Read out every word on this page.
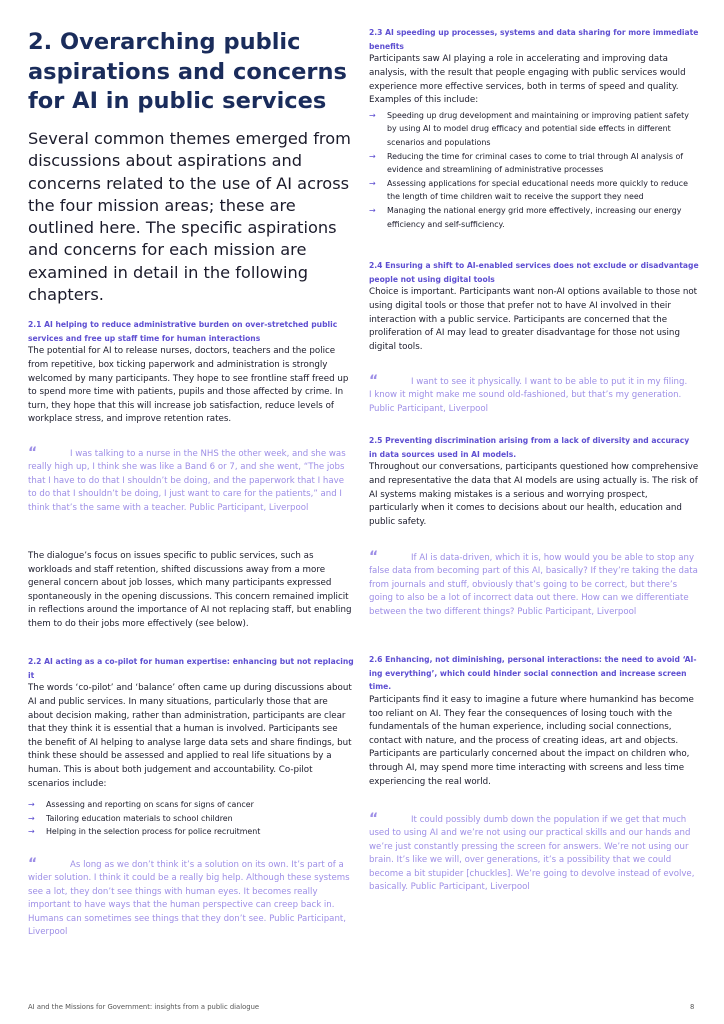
2. Overarching public aspirations and concerns for AI in public services

Several common themes emerged from discussions about aspirations and concerns related to the use of AI across the four mission areas; these are outlined here. The specific aspirations and concerns for each mission are examined in detail in the following chapters.

2.1 AI helping to reduce administrative burden on over-stretched public services and free up staff time for human interactions

The potential for AI to release nurses, doctors, teachers and the police from repetitive, box ticking paperwork and administration is strongly welcomed by many participants. They hope to see frontline staff freed up to spend more time with patients, pupils and those affected by crime. In turn, they hope that this will increase job satisfaction, reduce levels of workplace stress, and improve retention rates.

“	I was talking to a nurse in the NHS the other week, and she was really high up, I think she was like a Band 6 or 7, and she went, “The jobs that I have to do that I shouldn’t be doing, and the paperwork that I have to do that I shouldn’t be doing, I just want to care for the patients,” and I think that’s the same with a teacher. Public Participant, Liverpool

The dialogue’s focus on issues specific to public services, such as workloads and staff retention, shifted discussions away from a more general concern about job losses, which many participants expressed spontaneously in the opening discussions. This concern remained implicit in reflections around the importance of AI not replacing staff, but enabling them to do their jobs more effectively (see below).

2.2 AI acting as a co-pilot for human expertise: enhancing but not replacing it

The words ‘co-pilot’ and ‘balance’ often came up during discussions about AI and public services. In many situations, particularly those that are about decision making, rather than administration, participants are clear that they think it is essential that a human is involved. Participants see the benefit of AI helping to analyse large data sets and share findings, but think these should be assessed and applied to real life situations by a human. This is about both judgement and accountability. Co-pilot scenarios include:

→ Assessing and reporting on scans for signs of cancer
→ Tailoring education materials to school children
→ Helping in the selection process for police recruitment

“	As long as we don’t think it’s a solution on its own. It’s part of a wider solution. I think it could be a really big help. Although these systems see a lot, they don’t see things with human eyes. It becomes really important to have ways that the human perspective can creep back in. Humans can sometimes see things that they don’t see. Public Participant, Liverpool

2.3 AI speeding up processes, systems and data sharing for more immediate benefits

Participants saw AI playing a role in accelerating and improving data analysis, with the result that people engaging with public services would experience more effective services, both in terms of speed and quality. Examples of this include:

→ Speeding up drug development and maintaining or improving patient safety by using AI to model drug efficacy and potential side effects in different scenarios and populations
→ Reducing the time for criminal cases to come to trial through AI analysis of evidence and streamlining of administrative processes
→ Assessing applications for special educational needs more quickly to reduce the length of time children wait to receive the support they need
→ Managing the national energy grid more effectively, increasing our energy efficiency and self-sufficiency.

2.4 Ensuring a shift to AI-enabled services does not exclude or disadvantage people not using digital tools

Choice is important. Participants want non-AI options available to those not using digital tools or those that prefer not to have AI involved in their interaction with a public service. Participants are concerned that the proliferation of AI may lead to greater disadvantage for those not using digital tools.

“	I want to see it physically. I want to be able to put it in my filing. I know it might make me sound old-fashioned, but that’s my generation. Public Participant, Liverpool

2.5 Preventing discrimination arising from a lack of diversity and accuracy in data sources used in AI models.

Throughout our conversations, participants questioned how comprehensive and representative the data that AI models are using actually is. The risk of AI systems making mistakes is a serious and worrying prospect, particularly when it comes to decisions about our health, education and public safety.

“	If AI is data-driven, which it is, how would you be able to stop any false data from becoming part of this AI, basically? If they’re taking the data from journals and stuff, obviously that’s going to be correct, but there’s going to also be a lot of incorrect data out there. How can we differentiate between the two different things? Public Participant, Liverpool

2.6 Enhancing, not diminishing, personal interactions: the need to avoid ‘AI-ing everything’, which could hinder social connection and increase screen time.

Participants find it easy to imagine a future where humankind has become too reliant on AI. They fear the consequences of losing touch with the fundamentals of the human experience, including social connections, contact with nature, and the process of creating ideas, art and objects. Participants are particularly concerned about the impact on children who, through AI, may spend more time interacting with screens and less time experiencing the real world.

“	It could possibly dumb down the population if we get that much used to using AI and we’re not using our practical skills and our hands and we’re just constantly pressing the screen for answers. We’re not using our brain. It’s like we will, over generations, it’s a possibility that we could become a bit stupider [chuckles]. We’re going to devolve instead of evolve, basically. Public Participant, Liverpool

AI and the Missions for Government: insights from a public dialogue	8
